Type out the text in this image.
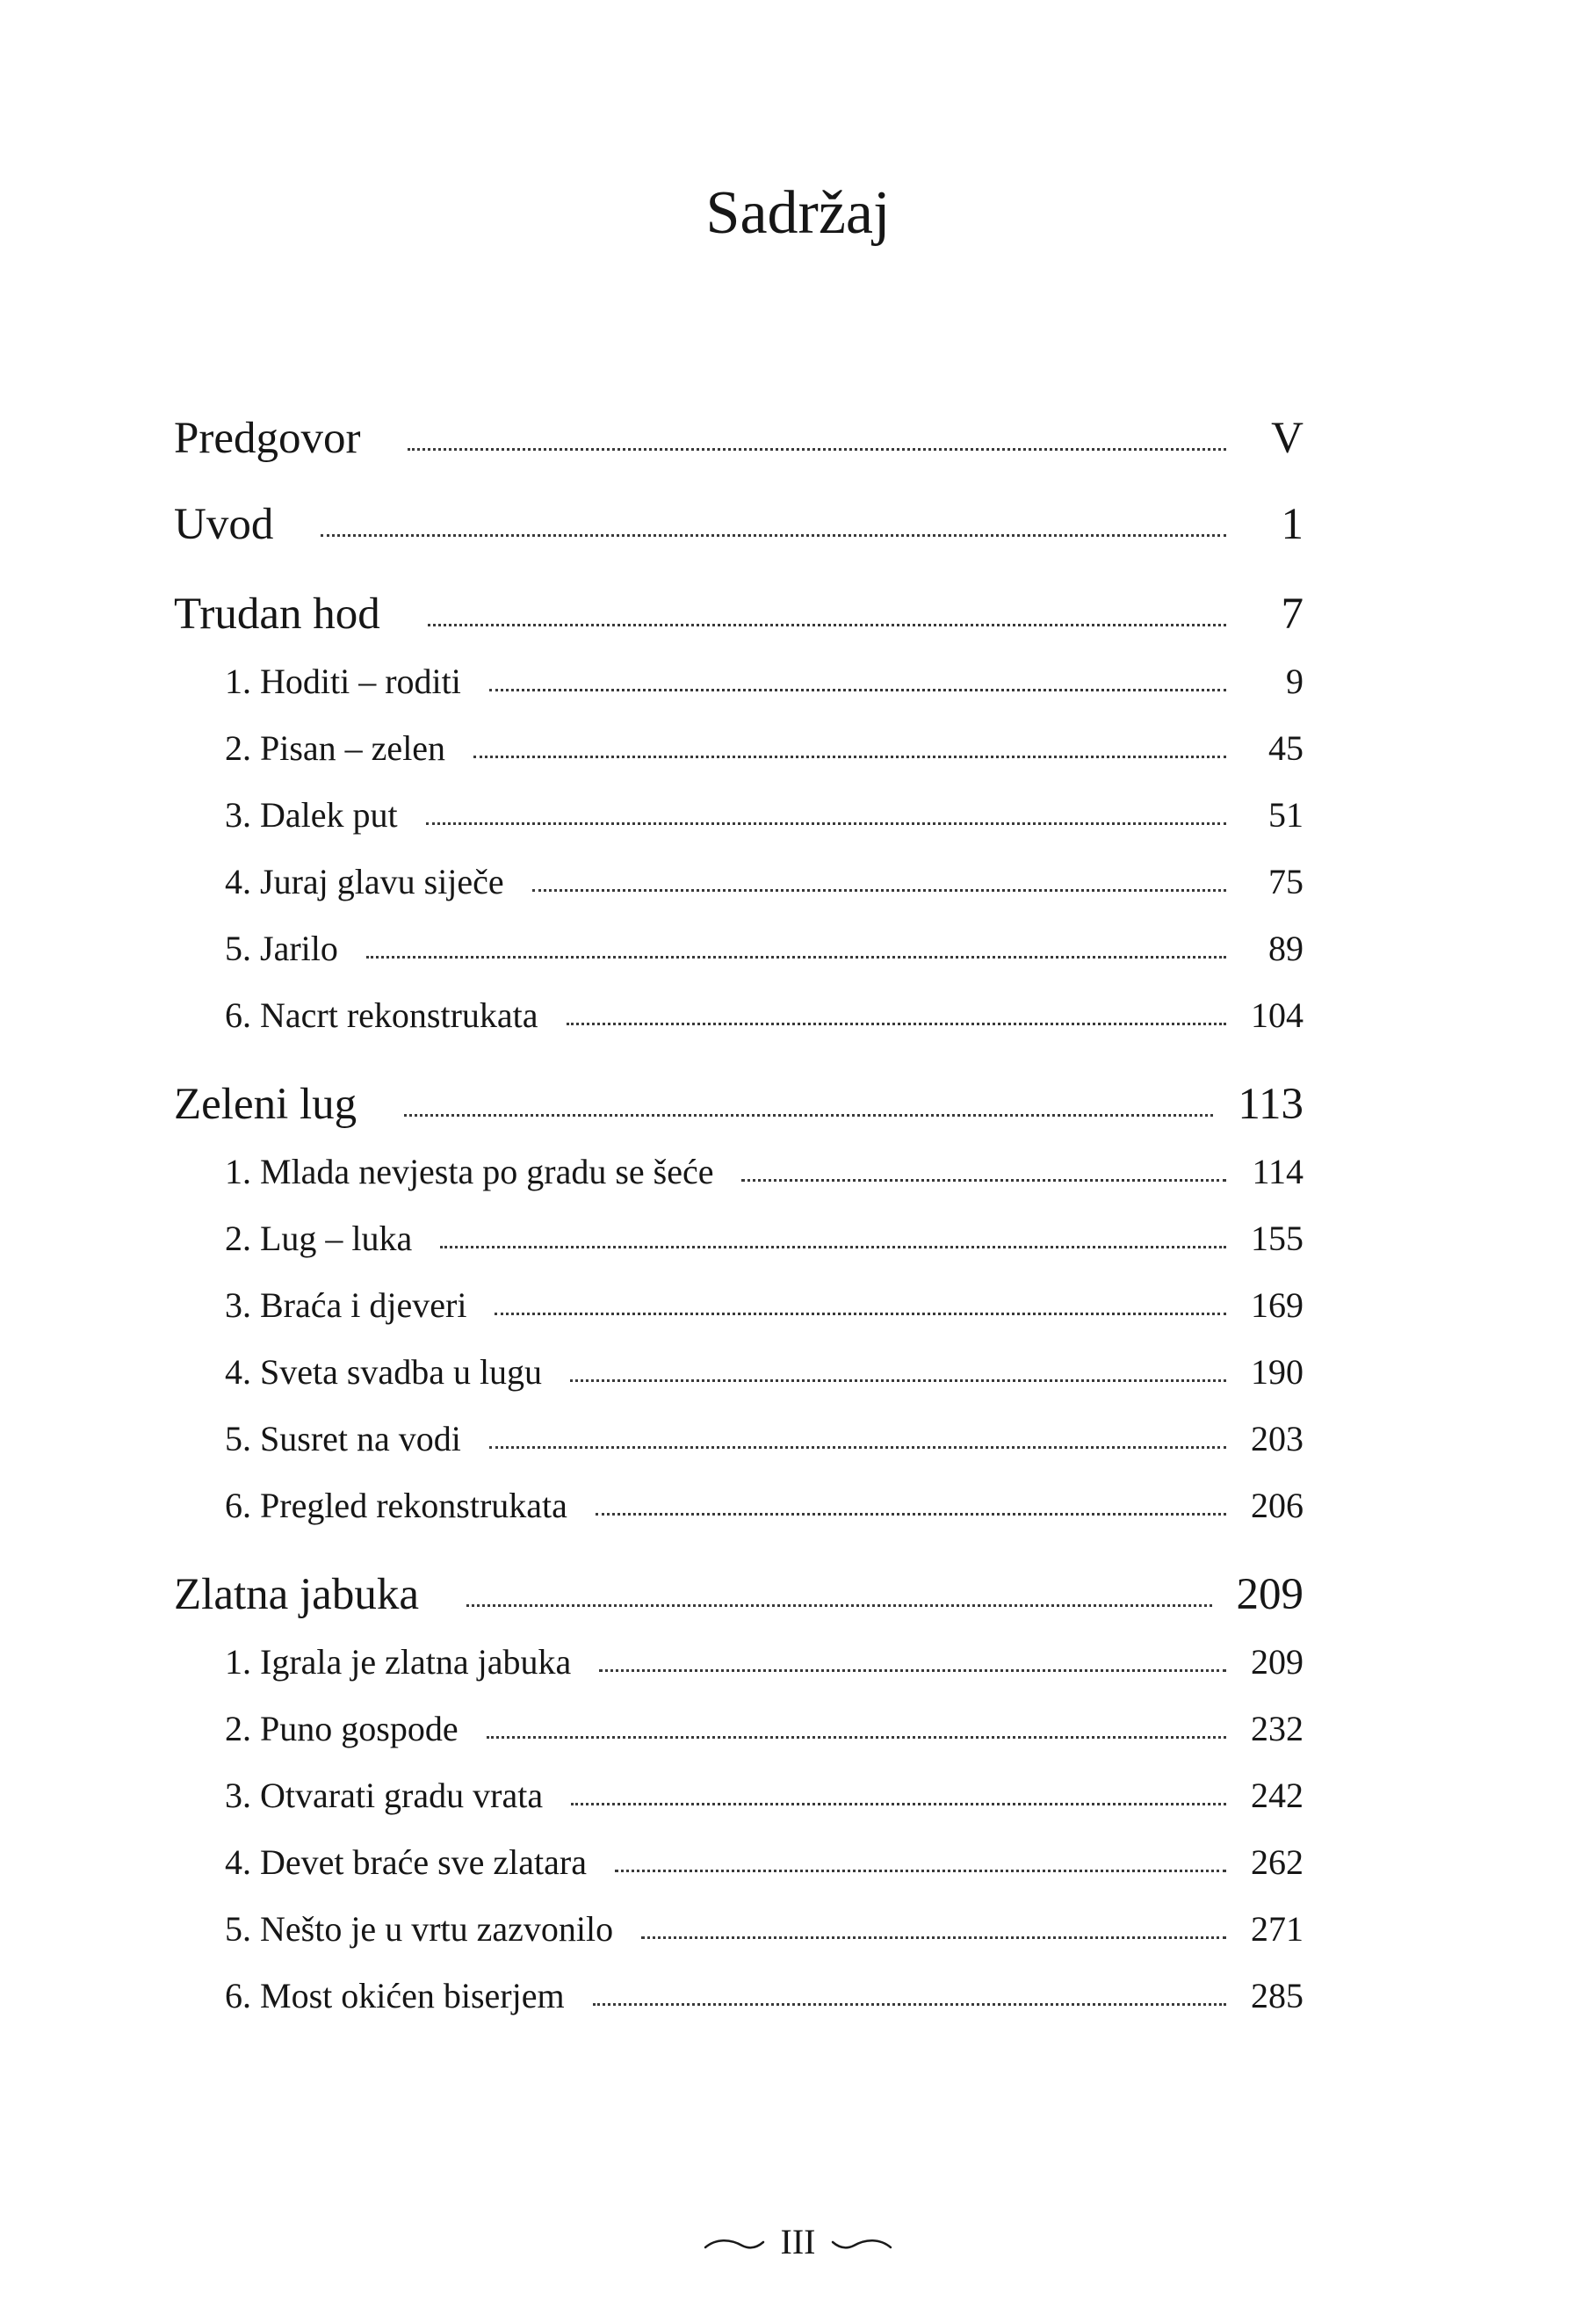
Sadržaj
Predgovor	V
Uvod	1
Trudan hod	7
1. Hoditi – roditi	9
2. Pisan – zelen	45
3. Dalek put	51
4. Juraj glavu siječe	75
5. Jarilo	89
6. Nacrt rekonstrukata	104
Zeleni lug	113
1. Mlada nevjesta po gradu se šeće	114
2. Lug – luka	155
3. Braća i djeveri	169
4. Sveta svadba u lugu	190
5. Susret na vodi	203
6. Pregled rekonstrukata	206
Zlatna jabuka	209
1. Igrala je zlatna jabuka	209
2. Puno gospode	232
3. Otvarati gradu vrata	242
4. Devet braće sve zlatara	262
5. Nešto je u vrtu zazvonilo	271
6. Most okićen biserjem	285
III
